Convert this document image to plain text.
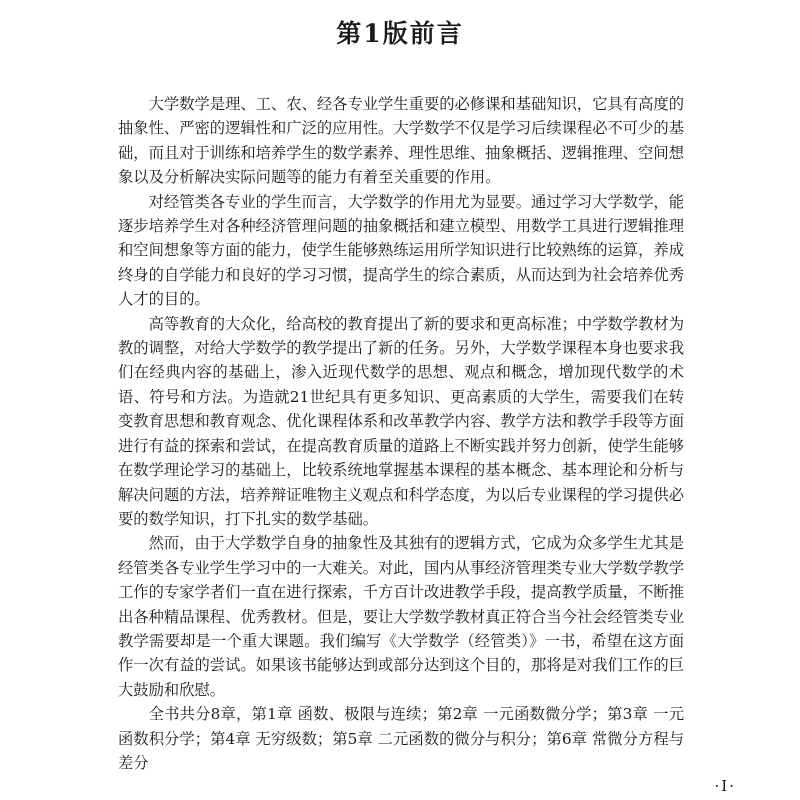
第1版前言

大学数学是理、工、农、经各专业学生重要的必修课和基础知识，它具有高度的抽象性、严密的逻辑性和广泛的应用性。大学数学不仅是学习后续课程必不可少的基础，而且对于训练和培养学生的数学素养、理性思维、抽象概括、逻辑推理、空间想象以及分析解决实际问题等的能力有着至关重要的作用。

对经管类各专业的学生而言，大学数学的作用尤为显要。通过学习大学数学，能逐步培养学生对各种经济管理问题的抽象概括和建立模型、用数学工具进行逻辑推理和空间想象等方面的能力，使学生能够熟练运用所学知识进行比较熟练的运算，养成终身的自学能力和良好的学习习惯，提高学生的综合素质，从而达到为社会培养优秀人才的目的。

高等教育的大众化，给高校的教育提出了新的要求和更高标准；中学数学教材为教的调整，对给大学数学的教学提出了新的任务。另外，大学数学课程本身也要求我们在经典内容的基础上，渗入近现代数学的思想、观点和概念，增加现代数学的术语、符号和方法。为造就21世纪具有更多知识、更高素质的大学生，需要我们在转变教育思想和教育观念、优化课程体系和改革教学内容、教学方法和教学手段等方面进行有益的探索和尝试，在提高教育质量的道路上不断实践并努力创新，使学生能够在数学理论学习的基础上，比较系统地掌握基本课程的基本概念、基本理论和分析与解决问题的方法，培养辩证唯物主义观点和科学态度，为以后专业课程的学习提供必要的数学知识，打下扎实的数学基础。

然而，由于大学数学自身的抽象性及其独有的逻辑方式，它成为众多学生尤其是经管类各专业学生学习中的一大难关。对此，国内从事经济管理类专业大学数学教学工作的专家学者们一直在进行探索，千方百计改进教学手段，提高教学质量，不断推出各种精品课程、优秀教材。但是，要让大学数学教材真正符合当今社会经管类专业教学需要却是一个重大课题。我们编写《大学数学（经管类）》一书，希望在这方面作一次有益的尝试。如果该书能够达到或部分达到这个目的，那将是对我们工作的巨大鼓励和欣慰。

全书共分8章，第1章 函数、极限与连续；第2章 一元函数微分学；第3章 一元函数积分学；第4章 无穷级数；第5章 二元函数的微分与积分；第6章 常微分方程与差分

·Ⅰ·
